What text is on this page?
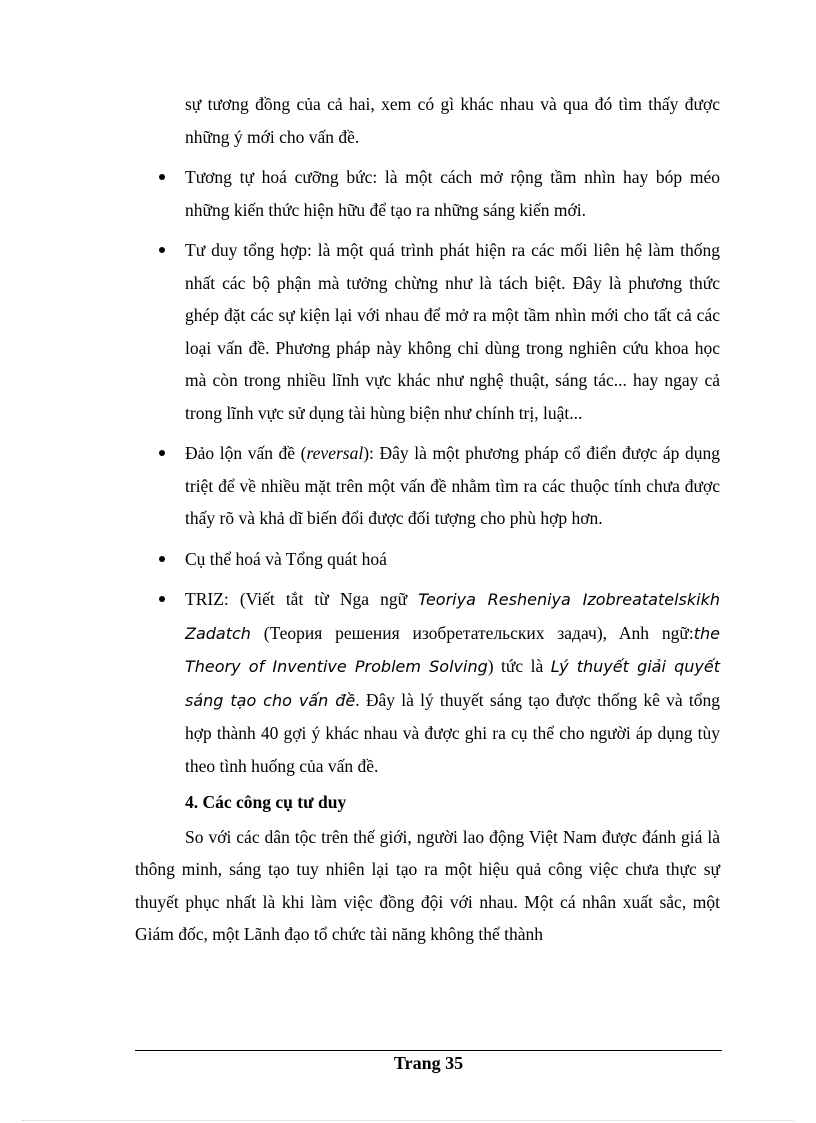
sự tương đồng của cả hai, xem có gì khác nhau và qua đó tìm thấy được những ý mới cho vấn đề.

Tương tự hoá cưỡng bức: là một cách mở rộng tầm nhìn hay bóp méo những kiến thức hiện hữu để tạo ra những sáng kiến mới.
Tư duy tổng hợp: là một quá trình phát hiện ra các mối liên hệ làm thống nhất các bộ phận mà tưởng chừng như là tách biệt. Đây là phương thức ghép đặt các sự kiện lại với nhau để mở ra một tầm nhìn mới cho tất cả các loại vấn đề. Phương pháp này không chỉ dùng trong nghiên cứu khoa học mà còn trong nhiều lĩnh vực khác như nghệ thuật, sáng tác... hay ngay cả trong lĩnh vực sử dụng tài hùng biện như chính trị, luật...
Đảo lộn vấn đề (reversal): Đây là một phương pháp cổ điển được áp dụng triệt để về nhiều mặt trên một vấn đề nhằm tìm ra các thuộc tính chưa được thấy rõ và khả dĩ biến đổi được đối tượng cho phù hợp hơn.
Cụ thể hoá và Tổng quát hoá
TRIZ: (Viết tắt từ Nga ngữ Teoriya Resheniya Izobreatatelskikh Zadatch (Теория решения изобретательских задач), Anh ngữ:the Theory of Inventive Problem Solving) tức là Lý thuyết giải quyết sáng tạo cho vấn đề. Đây là lý thuyết sáng tạo được thống kê và tổng hợp thành 40 gợi ý khác nhau và được ghi ra cụ thể cho người áp dụng tùy theo tình huống của vấn đề.

4. Các công cụ tư duy

So với các dân tộc trên thế giới, người lao động Việt Nam được đánh giá là thông minh, sáng tạo tuy nhiên lại tạo ra một hiệu quả công việc chưa thực sự thuyết phục nhất là khi làm việc đồng đội với nhau. Một cá nhân xuất sắc, một Giám đốc, một Lãnh đạo tổ chức tài năng không thể thành

Trang 35
